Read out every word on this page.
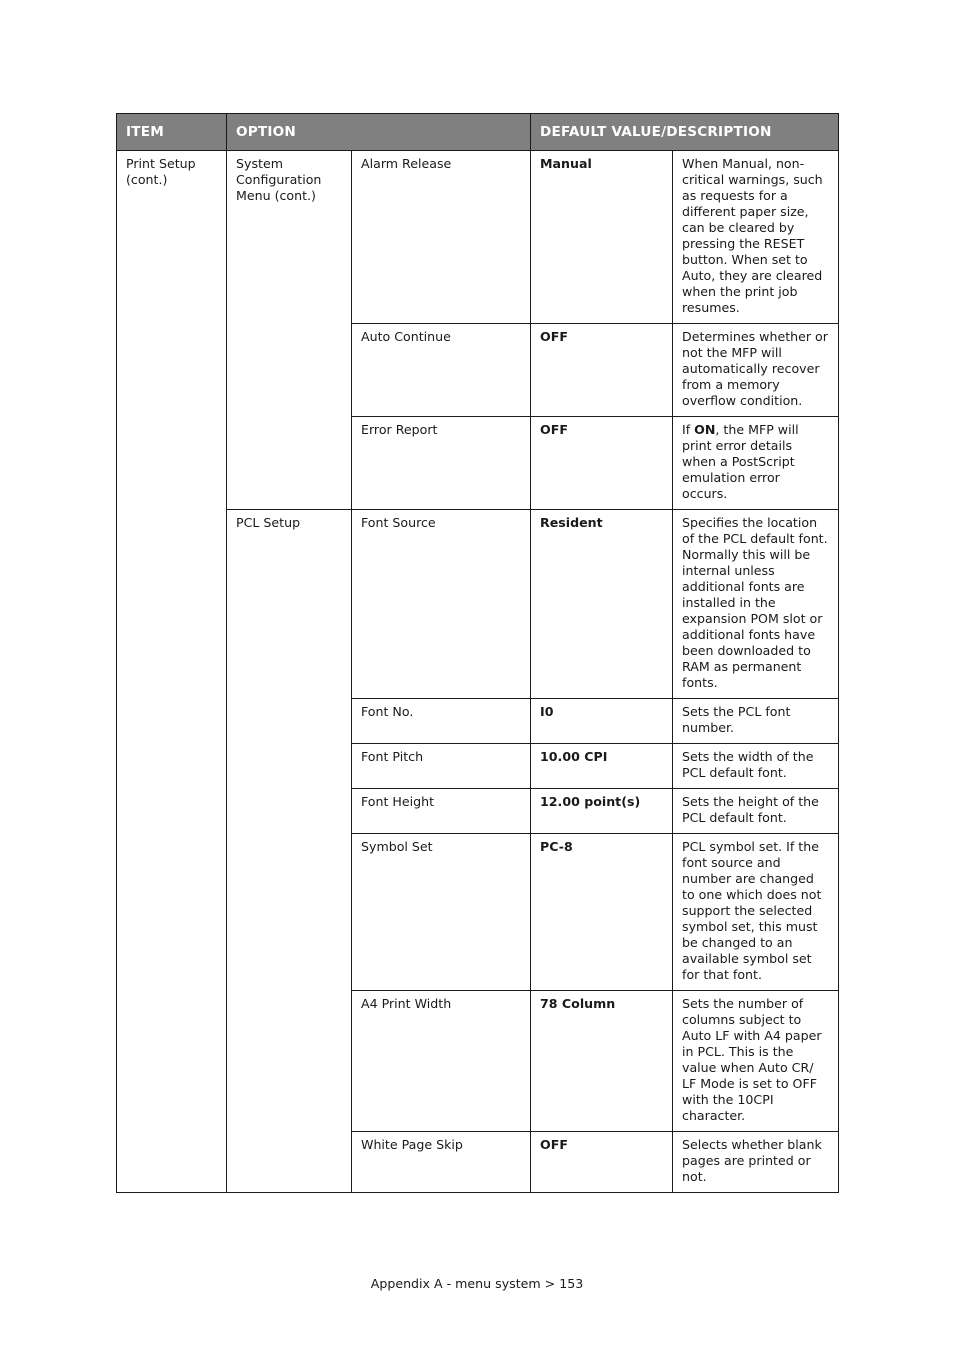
ITEM	OPTION		DEFAULT VALUE/DESCRIPTION	
Print Setup (cont.)	System Configuration Menu (cont.)	Alarm Release	Manual	When Manual, non-critical warnings, such as requests for a different paper size, can be cleared by pressing the RESET button. When set to Auto, they are cleared when the print job resumes.
		Auto Continue	OFF	Determines whether or not the MFP will automatically recover from a memory overflow condition.
		Error Report	OFF	If ON, the MFP will print error details when a PostScript emulation error occurs.
	PCL Setup	Font Source	Resident	Specifies the location of the PCL default font. Normally this will be internal unless additional fonts are installed in the expansion POM slot or additional fonts have been downloaded to RAM as permanent fonts.
		Font No.	I0	Sets the PCL font number.
		Font Pitch	10.00 CPI	Sets the width of the PCL default font.
		Font Height	12.00 point(s)	Sets the height of the PCL default font.
		Symbol Set	PC-8	PCL symbol set. If the font source and number are changed to one which does not support the selected symbol set, this must be changed to an available symbol set for that font.
		A4 Print Width	78 Column	Sets the number of columns subject to Auto LF with A4 paper in PCL. This is the value when Auto CR/ LF Mode is set to OFF with the 10CPI character.
		White Page Skip	OFF	Selects whether blank pages are printed or not.
Appendix A - menu system > 153
